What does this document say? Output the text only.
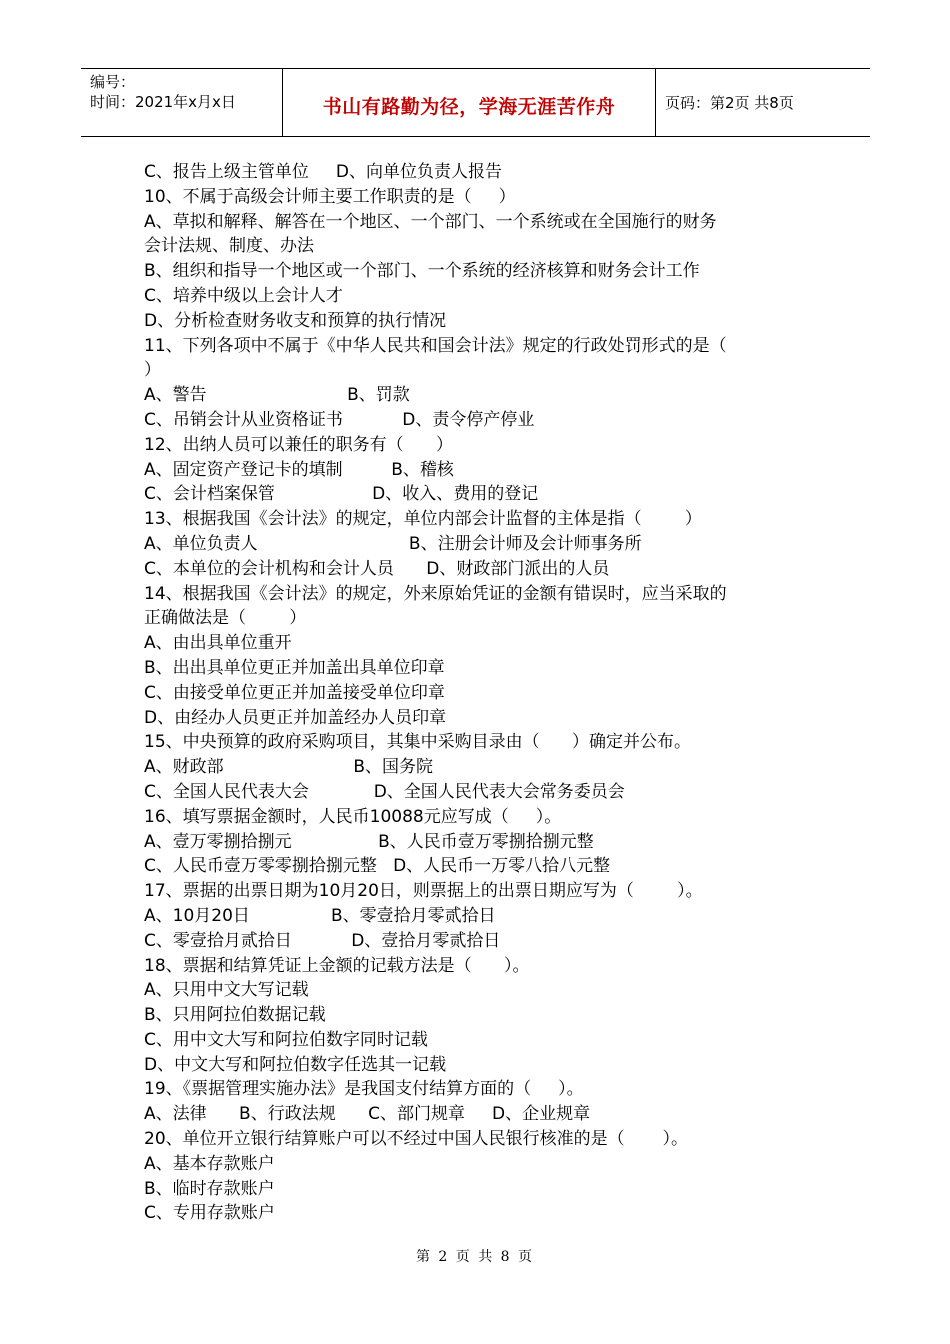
编号：
时间：2021年x月x日	书山有路勤为径，学海无涯苦作舟	页码：第2页 共8页
C、报告上级主管单位     D、向单位负责人报告
10、不属于高级会计师主要工作职责的是（     ）
A、草拟和解释、解答在一个地区、一个部门、一个系统或在全国施行的财务
会计法规、制度、办法
B、组织和指导一个地区或一个部门、一个系统的经济核算和财务会计工作
C、培养中级以上会计人才
D、分析检查财务收支和预算的执行情况
11、下列各项中不属于《中华人民共和国会计法》规定的行政处罚形式的是（
）
A、警告                          B、罚款
C、吊销会计从业资格证书           D、责令停产停业
12、出纳人员可以兼任的职务有（      ）
A、固定资产登记卡的填制         B、稽核
C、会计档案保管                  D、收入、费用的登记
13、根据我国《会计法》的规定，单位内部会计监督的主体是指（        ）
A、单位负责人                            B、注册会计师及会计师事务所
C、本单位的会计机构和会计人员      D、财政部门派出的人员
14、根据我国《会计法》的规定，外来原始凭证的金额有错误时，应当采取的
正确做法是（        ）
A、由出具单位重开
B、出出具单位更正并加盖出具单位印章
C、由接受单位更正并加盖接受单位印章
D、由经办人员更正并加盖经办人员印章
15、中央预算的政府采购项目，其集中采购目录由（      ）确定并公布。
A、财政部                        B、国务院
C、全国人民代表大会            D、全国人民代表大会常务委员会
16、填写票据金额时，人民币10088元应写成（     ）。
A、壹万零捌拾捌元                B、人民币壹万零捌拾捌元整
C、人民币壹万零零捌拾捌元整   D、人民币一万零八拾八元整
17、票据的出票日期为10月20日，则票据上的出票日期应写为（        ）。
A、10月20日               B、零壹拾月零贰拾日
C、零壹拾月贰拾日           D、壹拾月零贰拾日
18、票据和结算凭证上金额的记载方法是（      ）。
A、只用中文大写记载
B、只用阿拉伯数据记载
C、用中文大写和阿拉伯数字同时记载
D、中文大写和阿拉伯数字任选其一记载
19、《票据管理实施办法》是我国支付结算方面的（     ）。
A、法律      B、行政法规      C、部门规章     D、企业规章
20、单位开立银行结算账户可以不经过中国人民银行核准的是（       ）。
A、基本存款账户
B、临时存款账户
C、专用存款账户
第 2 页 共 8 页
